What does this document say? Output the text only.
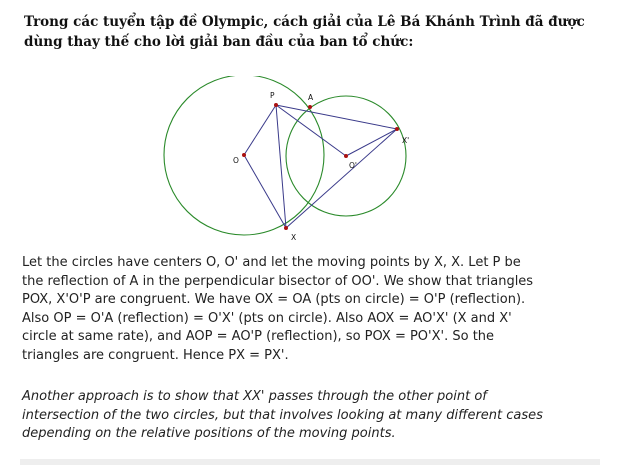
Trong các tuyển tập đề Olympic, cách giải của Lê Bá Khánh Trình đã được
dùng thay thế cho lời giải ban đầu của ban tổ chức:
O
O'
P	A
X
X'
Let the circles have centers O, O' and let the moving points by X, X. Let P be
the reflection of A in the perpendicular bisector of OO'. We show that triangles
POX, X'O'P are congruent. We have OX = OA (pts on circle) = O'P (reflection).
Also OP = O'A (reflection) = O'X' (pts on circle). Also AOX = AO'X' (X and X'
circle at same rate), and AOP = AO'P (reflection), so POX = PO'X'. So the
triangles are congruent. Hence PX = PX'.
Another approach is to show that XX' passes through the other point of
intersection of the two circles, but that involves looking at many different cases
depending on the relative positions of the moving points.
